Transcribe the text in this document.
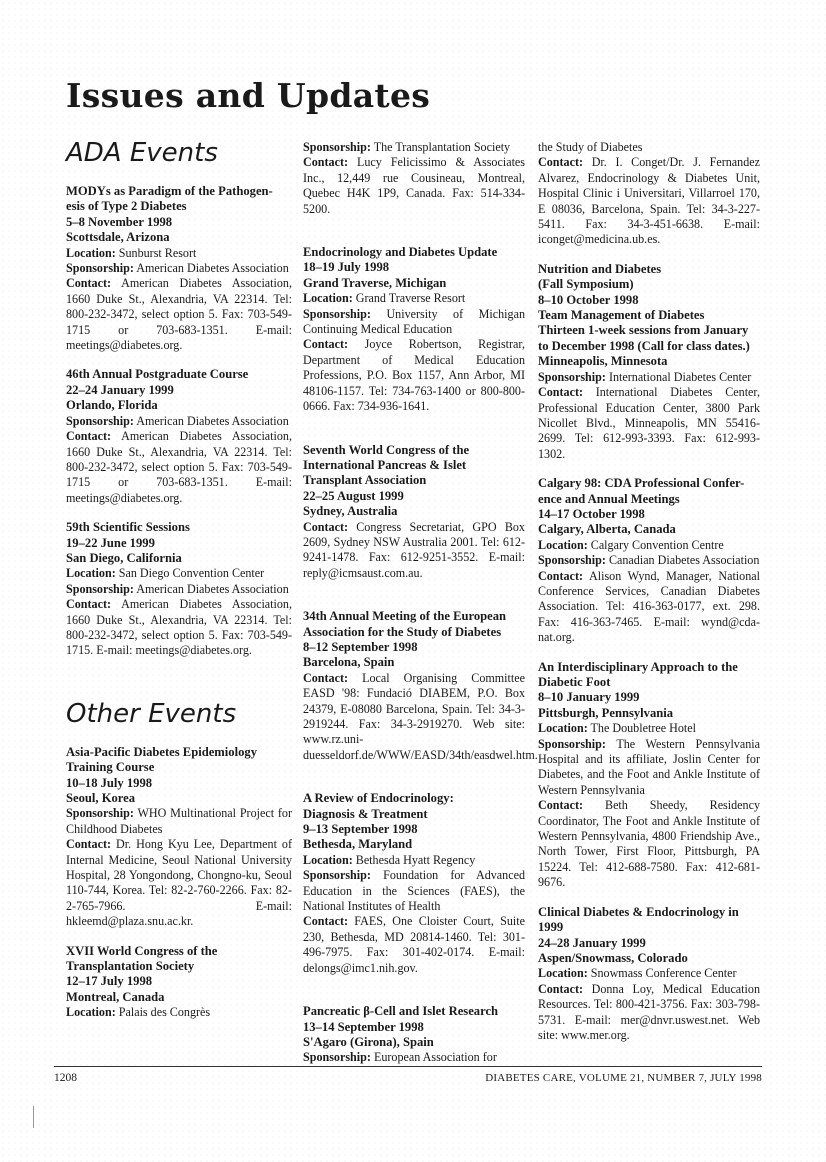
Issues and Updates
ADA Events
MODYs as Paradigm of the Pathogen-
esis of Type 2 Diabetes
5–8 November 1998
Scottsdale, Arizona
Location: Sunburst Resort
Sponsorship: American Diabetes Association
Contact: American Diabetes Association, 1660 Duke St., Alexandria, VA 22314. Tel: 800-232-3472, select option 5. Fax: 703-549-1715 or 703-683-1351. E-mail: meetings@diabetes.org.
46th Annual Postgraduate Course
22–24 January 1999
Orlando, Florida
Sponsorship: American Diabetes Association
Contact: American Diabetes Association, 1660 Duke St., Alexandria, VA 22314. Tel: 800-232-3472, select option 5. Fax: 703-549-1715 or 703-683-1351. E-mail: meetings@diabetes.org.
59th Scientific Sessions
19–22 June 1999
San Diego, California
Location: San Diego Convention Center
Sponsorship: American Diabetes Association
Contact: American Diabetes Association, 1660 Duke St., Alexandria, VA 22314. Tel: 800-232-3472, select option 5. Fax: 703-549-1715. E-mail: meetings@diabetes.org.
Other Events
Asia-Pacific Diabetes Epidemiology
Training Course
10–18 July 1998
Seoul, Korea
Sponsorship: WHO Multinational Project for Childhood Diabetes
Contact: Dr. Hong Kyu Lee, Department of Internal Medicine, Seoul National University Hospital, 28 Yongondong, Chongno-ku, Seoul 110-744, Korea. Tel: 82-2-760-2266. Fax: 82-2-765-7966. E-mail: hkleemd@plaza.snu.ac.kr.
XVII World Congress of the
Transplantation Society
12–17 July 1998
Montreal, Canada
Location: Palais des Congrès
Sponsorship: The Transplantation Society
Contact: Lucy Felicissimo & Associates Inc., 12,449 rue Cousineau, Montreal, Quebec H4K 1P9, Canada. Fax: 514-334-5200.
Endocrinology and Diabetes Update
18–19 July 1998
Grand Traverse, Michigan
Location: Grand Traverse Resort
Sponsorship: University of Michigan Continuing Medical Education
Contact: Joyce Robertson, Registrar, Department of Medical Education Professions, P.O. Box 1157, Ann Arbor, MI 48106-1157. Tel: 734-763-1400 or 800-800-0666. Fax: 734-936-1641.
Seventh World Congress of the
International Pancreas & Islet
Transplant Association
22–25 August 1999
Sydney, Australia
Contact: Congress Secretariat, GPO Box 2609, Sydney NSW Australia 2001. Tel: 612-9241-1478. Fax: 612-9251-3552. E-mail: reply@icmsaust.com.au.
34th Annual Meeting of the European
Association for the Study of Diabetes
8–12 September 1998
Barcelona, Spain
Contact: Local Organising Committee EASD '98: Fundació DIABEM, P.O. Box 24379, E-08080 Barcelona, Spain. Tel: 34-3-2919244. Fax: 34-3-2919270. Web site: www.rz.uni-duesseldorf.de/WWW/EASD/34th/easdwel.htm.
A Review of Endocrinology:
Diagnosis & Treatment
9–13 September 1998
Bethesda, Maryland
Location: Bethesda Hyatt Regency
Sponsorship: Foundation for Advanced Education in the Sciences (FAES), the National Institutes of Health
Contact: FAES, One Cloister Court, Suite 230, Bethesda, MD 20814-1460. Tel: 301-496-7975. Fax: 301-402-0174. E-mail: delongs@imc1.nih.gov.
Pancreatic β-Cell and Islet Research
13–14 September 1998
S'Agaro (Girona), Spain
Sponsorship: European Association for
the Study of Diabetes
Contact: Dr. I. Conget/Dr. J. Fernandez Alvarez, Endocrinology & Diabetes Unit, Hospital Clinic i Universitari, Villarroel 170, E 08036, Barcelona, Spain. Tel: 34-3-227-5411. Fax: 34-3-451-6638. E-mail: iconget@medicina.ub.es.
Nutrition and Diabetes
(Fall Symposium)
8–10 October 1998
Team Management of Diabetes
Thirteen 1-week sessions from January
to December 1998 (Call for class dates.)
Minneapolis, Minnesota
Sponsorship: International Diabetes Center
Contact: International Diabetes Center, Professional Education Center, 3800 Park Nicollet Blvd., Minneapolis, MN 55416-2699. Tel: 612-993-3393. Fax: 612-993-1302.
Calgary 98: CDA Professional Confer-
ence and Annual Meetings
14–17 October 1998
Calgary, Alberta, Canada
Location: Calgary Convention Centre
Sponsorship: Canadian Diabetes Association
Contact: Alison Wynd, Manager, National Conference Services, Canadian Diabetes Association. Tel: 416-363-0177, ext. 298. Fax: 416-363-7465. E-mail: wynd@cda-nat.org.
An Interdisciplinary Approach to the
Diabetic Foot
8–10 January 1999
Pittsburgh, Pennsylvania
Location: The Doubletree Hotel
Sponsorship: The Western Pennsylvania Hospital and its affiliate, Joslin Center for Diabetes, and the Foot and Ankle Institute of Western Pennsylvania
Contact: Beth Sheedy, Residency Coordinator, The Foot and Ankle Institute of Western Pennsylvania, 4800 Friendship Ave., North Tower, First Floor, Pittsburgh, PA 15224. Tel: 412-688-7580. Fax: 412-681-9676.
Clinical Diabetes & Endocrinology in
1999
24–28 January 1999
Aspen/Snowmass, Colorado
Location: Snowmass Conference Center
Contact: Donna Loy, Medical Education Resources. Tel: 800-421-3756. Fax: 303-798-5731. E-mail: mer@dnvr.uswest.net. Web site: www.mer.org.
1208	DIABETES CARE, VOLUME 21, NUMBER 7, JULY 1998
